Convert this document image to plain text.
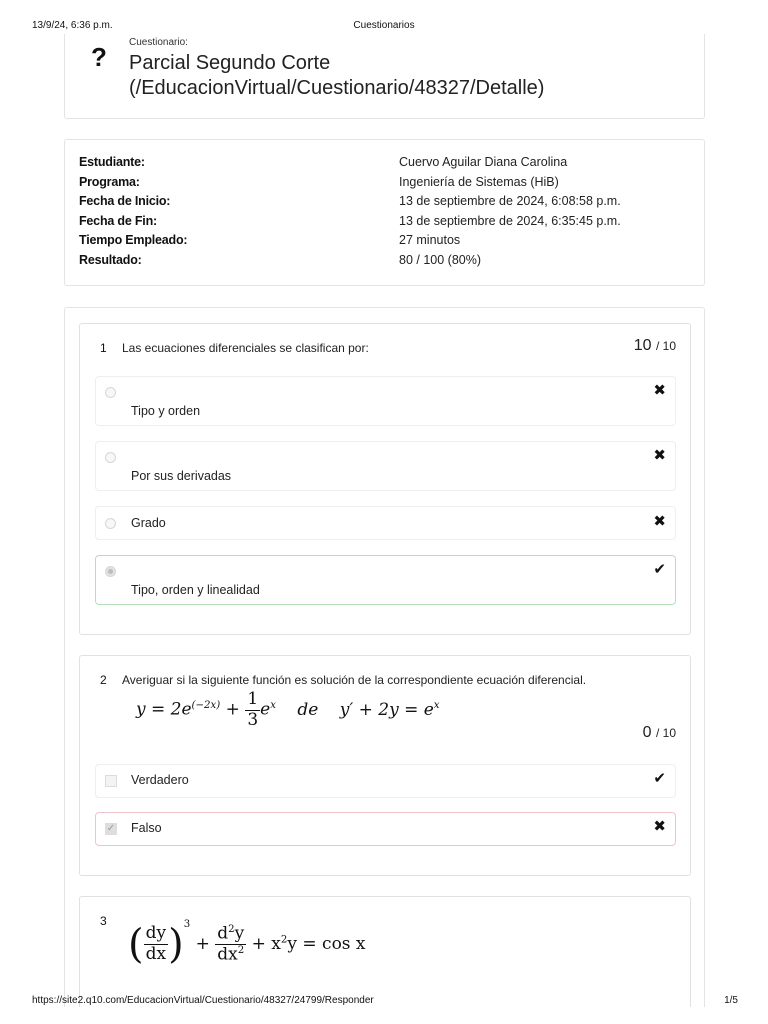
13/9/24, 6:36 p.m.	Cuestionarios
? Cuestionario:
Parcial Segundo Corte (/EducacionVirtual/Cuestionario/48327/Detalle)
Estudiante:	Cuervo Aguilar Diana Carolina
Programa:	Ingeniería de Sistemas (HiB)
Fecha de Inicio:	13 de septiembre de 2024, 6:08:58 p.m.
Fecha de Fin:	13 de septiembre de 2024, 6:35:45 p.m.
Tiempo Empleado:	27 minutos
Resultado:	80 / 100 (80%)
1 Las ecuaciones diferenciales se clasifican por:	10 / 10
Tipo y orden
✖
Por sus derivadas
✖
Grado	✖
Tipo, orden y linealidad
✔
2 Averiguar si la siguiente función es solución de la correspondiente ecuación diferencial.
$y = 2e^{(-2x)} + \frac{1}{3} e^x$ de $y' + 2y = e^x$
0 / 10
Verdadero	✔
✓ Falso	✖
3
( $\frac{dy}{dx} )^3 + \frac{d^2y}{dx^2} + x^2y = \cos x$
https://site2.q10.com/EducacionVirtual/Cuestionario/48327/24799/Responder	1/5
